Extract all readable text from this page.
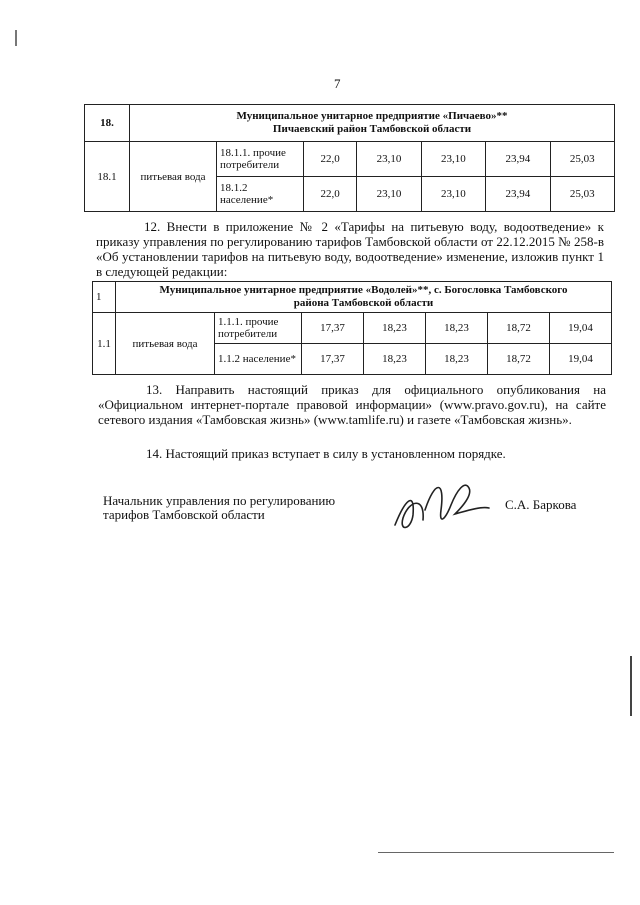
7
18.	Муниципальное унитарное предприятие «Пичаево»**
Пичаевский район Тамбовской области						

18.1	питьевая вода	18.1.1. прочие потребители	22,0	23,10	23,10	23,94	25,03
		18.1.2 население*	22,0	23,10	23,10	23,94	25,03
12. Внести в приложение № 2 «Тарифы на питьевую воду, водоотведение» к приказу управления по регулированию тарифов Тамбовской области от 22.12.2015 № 258-в «Об установлении тарифов на питьевую воду, водоотведение» изменение, изложив пункт 1 в следующей редакции:
1	Муниципальное унитарное предприятие «Водолей»**, с. Богословка Тамбовского
района Тамбовской области						

1.1	питьевая вода	1.1.1. прочие потребители	17,37	18,23	18,23	18,72	19,04
		1.1.2 население*	17,37	18,23	18,23	18,72	19,04
13. Направить настоящий приказ для официального опубликования на «Официальном интернет-портале правовой информации» (www.pravo.gov.ru), на сайте сетевого издания «Тамбовская жизнь» (www.tamlife.ru) и газете «Тамбовская жизнь».
14. Настоящий приказ вступает в силу в установленном порядке.
Начальник управления по регулированию
тарифов Тамбовской области
С.А. Баркова
